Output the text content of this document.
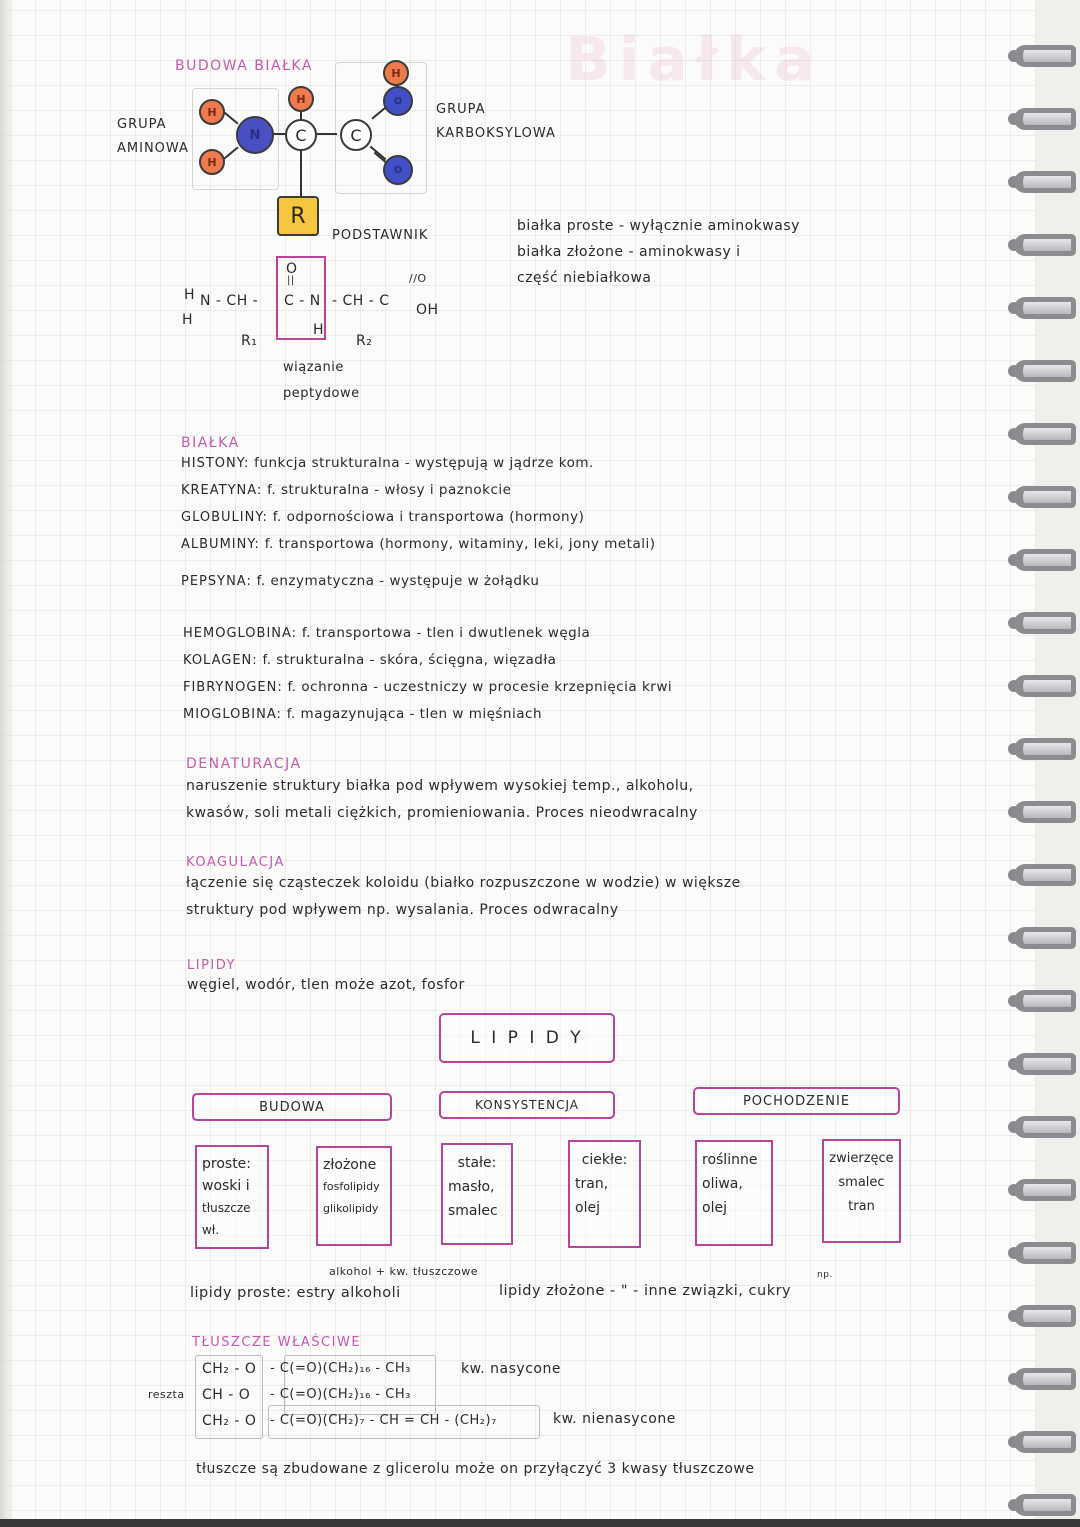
Białka
BUDOWA BIAŁKA
GRUPA
AMINOWA
GRUPA
KARBOKSYLOWA
H
H
N
H
C	C
H
O
O
R
PODSTAWNIK
H
H
N - CH -
O
||
C - N
H
- CH - C
//O
OH
R₁	R₂
wiązanie
peptydowe
białka proste - wyłącznie aminokwasy
białka złożone - aminokwasy i
część niebiałkowa
BIAŁKA
HISTONY: funkcja strukturalna - występują w jądrze kom.
KREATYNA: f. strukturalna - włosy i paznokcie
GLOBULINY: f. odpornościowa i transportowa (hormony)
ALBUMINY: f. transportowa (hormony, witaminy, leki, jony metali)
PEPSYNA: f. enzymatyczna - występuje w żołądku
HEMOGLOBINA: f. transportowa - tlen i dwutlenek węgla
KOLAGEN: f. strukturalna - skóra, ścięgna, więzadła
FIBRYNOGEN: f. ochronna - uczestniczy w procesie krzepnięcia krwi
MIOGLOBINA: f. magazynująca - tlen w mięśniach
DENATURACJA
naruszenie struktury białka pod wpływem wysokiej temp., alkoholu,
kwasów, soli metali ciężkich, promieniowania. Proces nieodwracalny
KOAGULACJA
łączenie się cząsteczek koloidu (białko rozpuszczone w wodzie) w większe
struktury pod wpływem np. wysalania. Proces odwracalny
LIPIDY
węgiel, wodór, tlen może azot, fosfor
L I P I D Y
BUDOWA	KONSYSTENCJA	POCHODZENIE
proste:
woski i
tłuszcze
wł.
złożone
fosfolipidy
glikolipidy
stałe:
masło,
smalec
ciekłe:
tran,
olej
roślinne
oliwa,
olej
zwierzęce
smalec
tran
alkohol + kw. tłuszczowe
lipidy proste: estry alkoholi
np.
lipidy złożone - " - inne związki, cukry
TŁUSZCZE WŁAŚCIWE
reszta
CH₂ - O - C(=O)(CH₂)₁₆ - CH₃	kw. nasycone
CH - O - C(=O)(CH₂)₁₆ - CH₃
CH₂ - O - C(=O)(CH₂)₇ - CH = CH - (CH₂)₇	kw. nienasycone
tłuszcze są zbudowane z glicerolu może on przyłączyć 3 kwasy tłuszczowe
